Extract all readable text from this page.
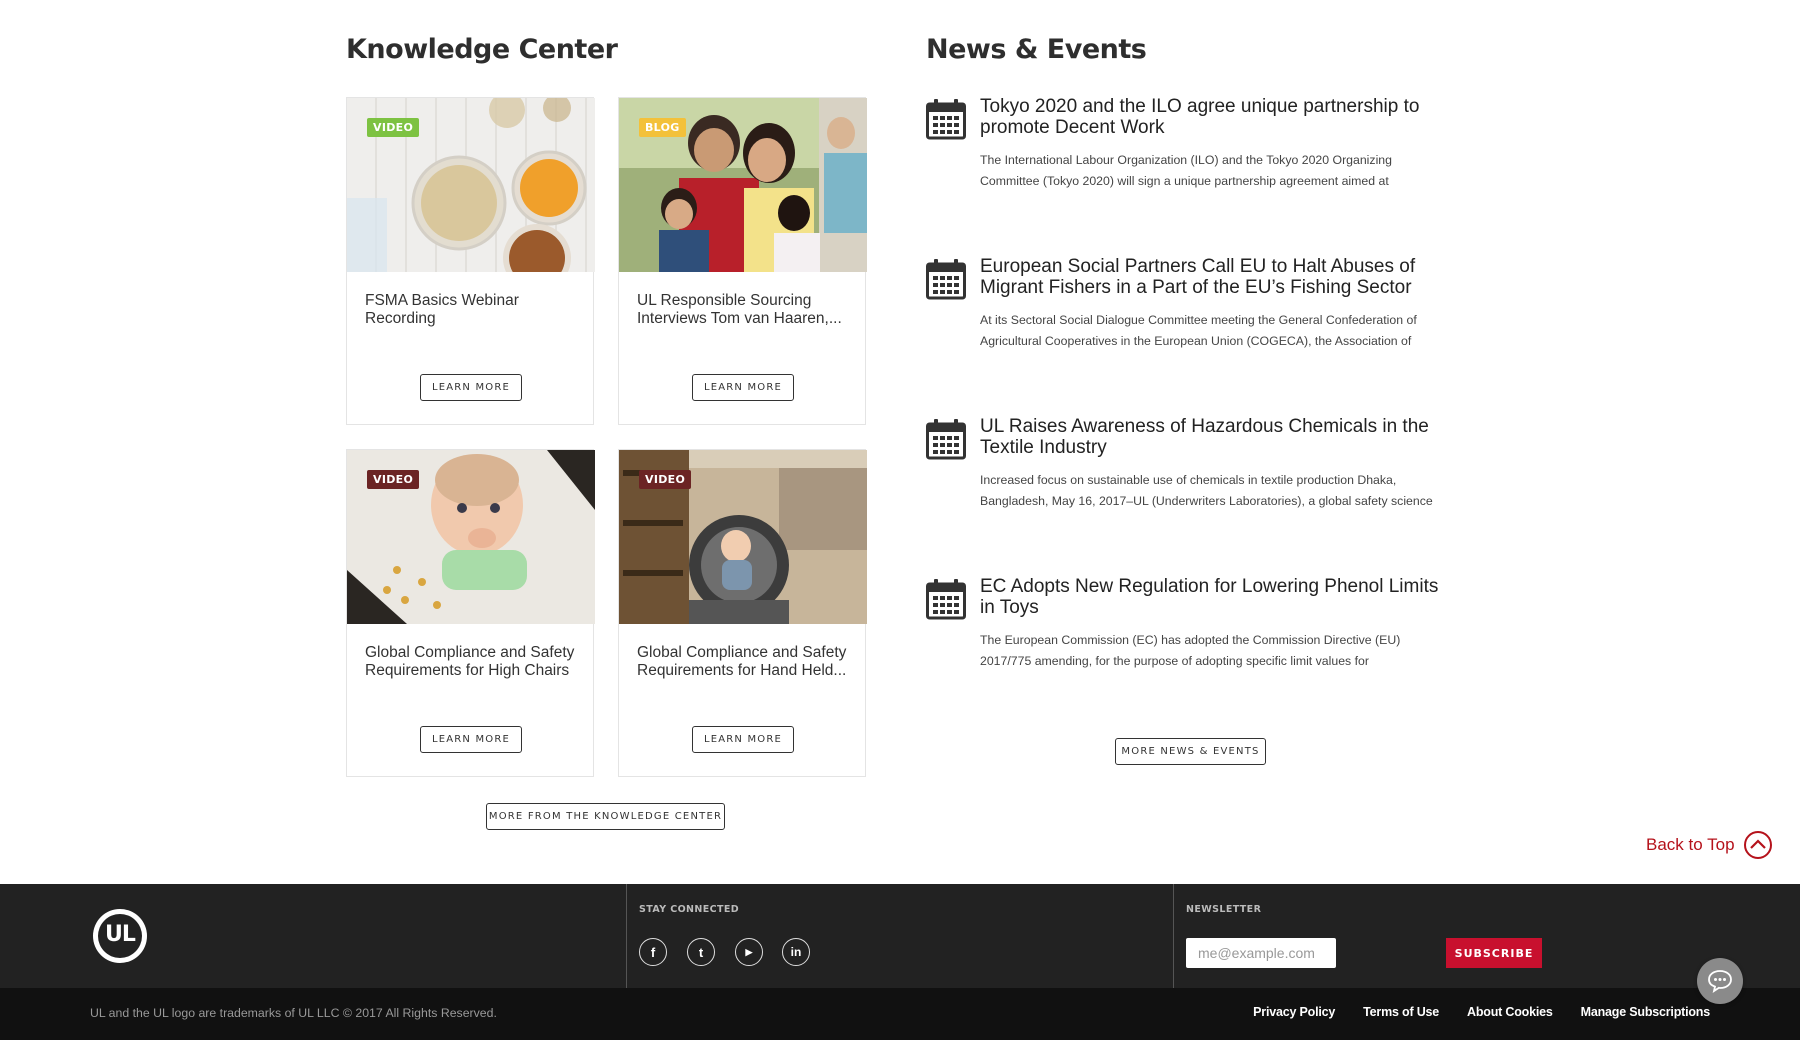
Knowledge Center
VIDEO
FSMA Basics Webinar Recording
LEARN MORE
BLOG
UL Responsible Sourcing Interviews Tom van Haaren,...
LEARN MORE
VIDEO
Global Compliance and Safety Requirements for High Chairs
LEARN MORE
VIDEO
Global Compliance and Safety Requirements for Hand Held...
LEARN MORE
MORE FROM THE KNOWLEDGE CENTER
News & Events
Tokyo 2020 and the ILO agree unique partnership to promote Decent Work
The International Labour Organization (ILO) and the Tokyo 2020 Organizing Committee (Tokyo 2020) will sign a unique partnership agreement aimed at
European Social Partners Call EU to Halt Abuses of Migrant Fishers in a Part of the EU’s Fishing Sector
At its Sectoral Social Dialogue Committee meeting the General Confederation of Agricultural Cooperatives in the European Union (COGECA), the Association of
UL Raises Awareness of Hazardous Chemicals in the Textile Industry
Increased focus on sustainable use of chemicals in textile production Dhaka, Bangladesh, May 16, 2017–UL (Underwriters Laboratories), a global safety science
EC Adopts New Regulation for Lowering Phenol Limits in Toys
The European Commission (EC) has adopted the Commission Directive (EU) 2017/775 amending, for the purpose of adopting specific limit values for
MORE NEWS & EVENTS
Back to Top
UL
STAY CONNECTED
f	t	▶	in
NEWSLETTER
me@example.com
SUBSCRIBE
UL and the UL logo are trademarks of UL LLC © 2017 All Rights Reserved.	Privacy Policy Terms of Use About Cookies Manage Subscriptions
